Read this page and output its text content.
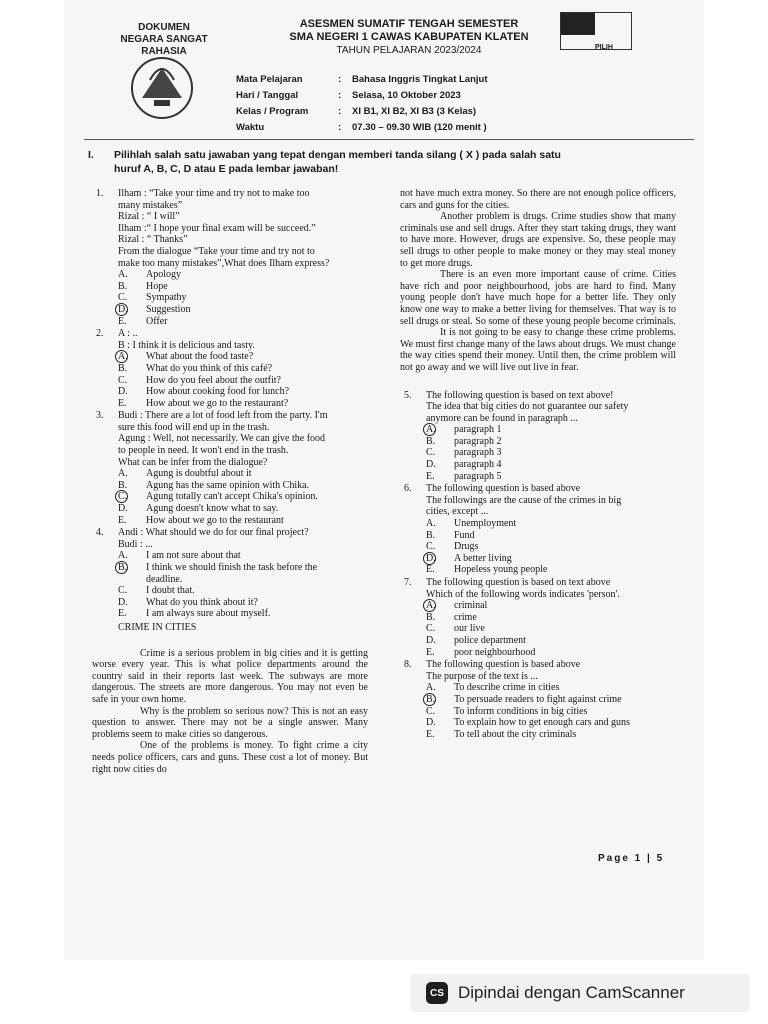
DOKUMEN
NEGARA SANGAT
RAHASIA
ASESMEN SUMATIF TENGAH SEMESTER
SMA NEGERI 1 CAWAS KABUPATEN KLATEN
TAHUN PELAJARAN 2023/2024	PILIH
Mata Pelajaran	:	Bahasa Inggris Tingkat Lanjut
Hari / Tanggal	:	Selasa, 10 Oktober 2023
Kelas / Program	:	XI B1, XI B2, XI B3 (3 Kelas)
Waktu	:	07.30 – 09.30 WIB (120 menit )
I. Pilihlah salah satu jawaban yang tepat dengan memberi tanda silang ( X ) pada salah satu
huruf A, B, C, D atau E pada lembar jawaban!
1. Ilham : “Take your time and try not to make too
many mistakes”
Rizal : “ I will”
Ilham :“ I hope your final exam will be succeed.”
Rizal : “ Thanks”
From the dialogue “Take your time and try not to
make too many mistakes”,What does Ilham express?
A.	Apology
B.	Hope
C.	Sympathy
D.	Suggestion
E.	Offer
2. A : ..
B : I think it is delicious and tasty.
A.	What about the food taste?
B.	What do you think of this café?
C.	How do you feel about the outfit?
D.	How about cooking food for lunch?
E.	How about we go to the restaurant?
3. Budi : There are a lot of food left from the party. I'm
sure this food will end up in the trash.
Agung : Well, not necessarily. We can give the food
to people in need. It won't end in the trash.
What can be infer from the dialogue?
A.	Agung is doubtful about it
B.	Agung has the same opinion with Chika.
C.	Agung totally can't accept Chika's opinion.
D.	Agung doesn't know what to say.
E.	How about we go to the restaurant
4. Andi : What should we do for our final project?
Budi : ...
A.	I am not sure about that
B.	I think we should finish the task before the
deadline.
C.	I doubt that.
D.	What do you think about it?
E.	I am always sure about myself.
CRIME IN CITIES

Crime is a serious problem in big cities and it is getting worse every year. This is what police departments around the country said in their reports last week. The subways are more dangerous. The streets are more dangerous. You may not even be safe in your own home.

Why is the problem so serious now? This is not an easy question to answer. There may not be a single answer. Many problems seem to make cities so dangerous.

One of the problems is money. To fight crime a city needs police officers, cars and guns. These cost a lot of money. But right now cities do

not have much extra money. So there are not enough police officers, cars and guns for the cities.

Another problem is drugs. Crime studies show that many criminals use and sell drugs. After they start taking drugs, they want to have more. However, drugs are expensive. So, these people may sell drugs to other people to make money or they may steal money to get more drugs.

There is an even more important cause of crime. Cities have rich and poor neighbourhood, jobs are hard to find. Many young people don't have much hope for a better life. They only know one way to make a better living for themselves. That way is to sell drugs or steal. So some of these young people become criminals.

It is not going to be easy to change these crime problems. We must first change many of the laws about drugs. We must change the way cities spend their money. Until then, the crime problem will not go away and we will live out live in fear.

5. The following question is based on text above!
The idea that big cities do not guarantee our safety
anymore can be found in paragraph ...
A.	paragraph 1
B.	paragraph 2
C.	paragraph 3
D.	paragraph 4
E.	paragraph 5
6. The following question is based above
The followings are the cause of the crimes in big
cities, except ...
A.	Unemployment
B.	Fund
C.	Drugs
D.	A better living
E.	Hopeless young people
7. The following question is based on text above
Which of the following words indicates 'person'.
A.	criminal
B.	crime
C.	our live
D.	police department
E.	poor neighbourhood
8. The following question is based above
The purpose of the text is ...
A.	To describe crime in cities
B.	To persuade readers to fight against crime
C.	To inform conditions in big cities
D.	To explain how to get enough cars and guns
E.	To tell about the city criminals
Page 1 | 5
CS Dipindai dengan CamScanner
